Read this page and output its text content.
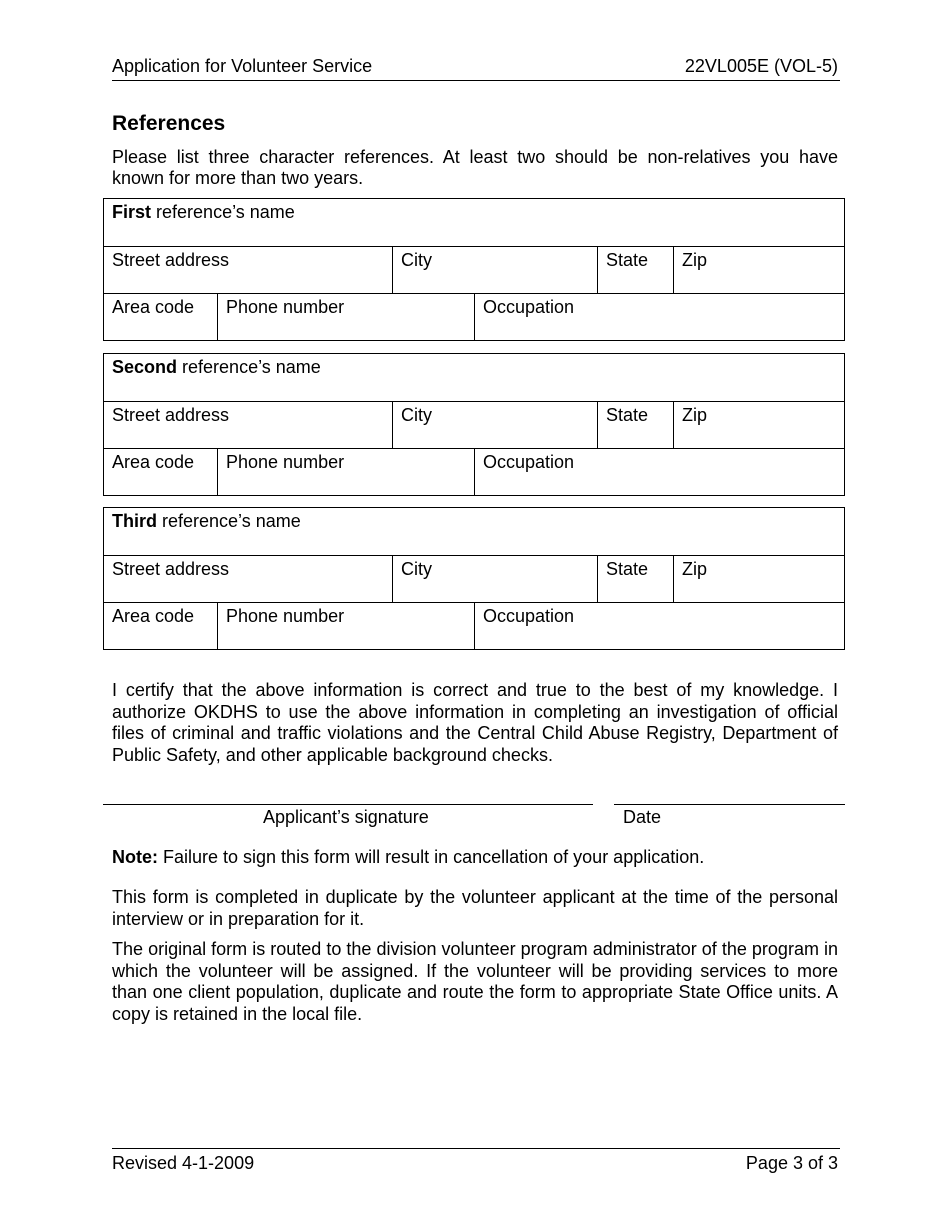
Application for Volunteer Service	22VL005E (VOL-5)
References
Please list three character references. At least two should be non-relatives you have known for more than two years.
First reference’s name
Street address	City	State	Zip
Area code	Phone number	Occupation
Second reference’s name
Street address	City	State	Zip
Area code	Phone number	Occupation
Third reference’s name
Street address	City	State	Zip
Area code	Phone number	Occupation
I certify that the above information is correct and true to the best of my knowledge. I authorize OKDHS to use the above information in completing an investigation of official files of criminal and traffic violations and the Central Child Abuse Registry, Department of Public Safety, and other applicable background checks.
Applicant’s signature	Date
Note: Failure to sign this form will result in cancellation of your application.
This form is completed in duplicate by the volunteer applicant at the time of the personal interview or in preparation for it.
The original form is routed to the division volunteer program administrator of the program in which the volunteer will be assigned. If the volunteer will be providing services to more than one client population, duplicate and route the form to appropriate State Office units. A copy is retained in the local file.
Revised 4-1-2009	Page 3 of 3
